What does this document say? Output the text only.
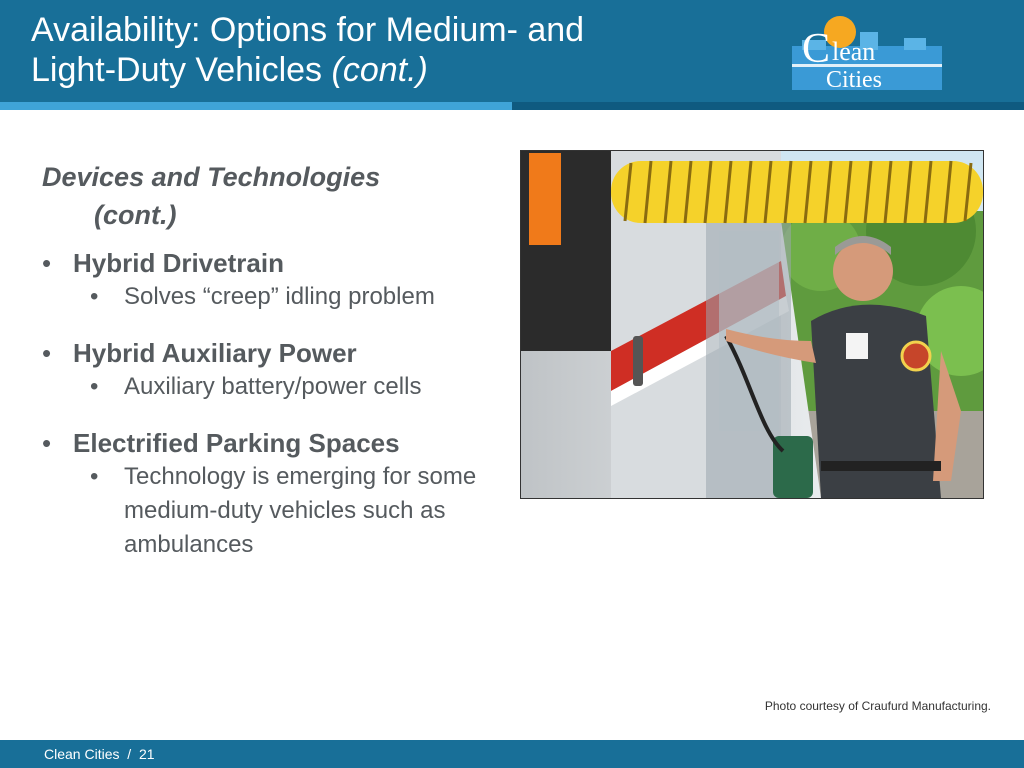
Availability: Options for Medium- and
Light-Duty Vehicles (cont.)	C lean
Cities
Devices and Technologies
(cont.)
• Hybrid Drivetrain
•	Solves “creep” idling problem
• Hybrid Auxiliary Power
•	Auxiliary battery/power cells
• Electrified Parking Spaces
•	Technology is emerging for some medium-duty vehicles such as ambulances
Photo courtesy of Craufurd Manufacturing.
Clean Cities / 21
